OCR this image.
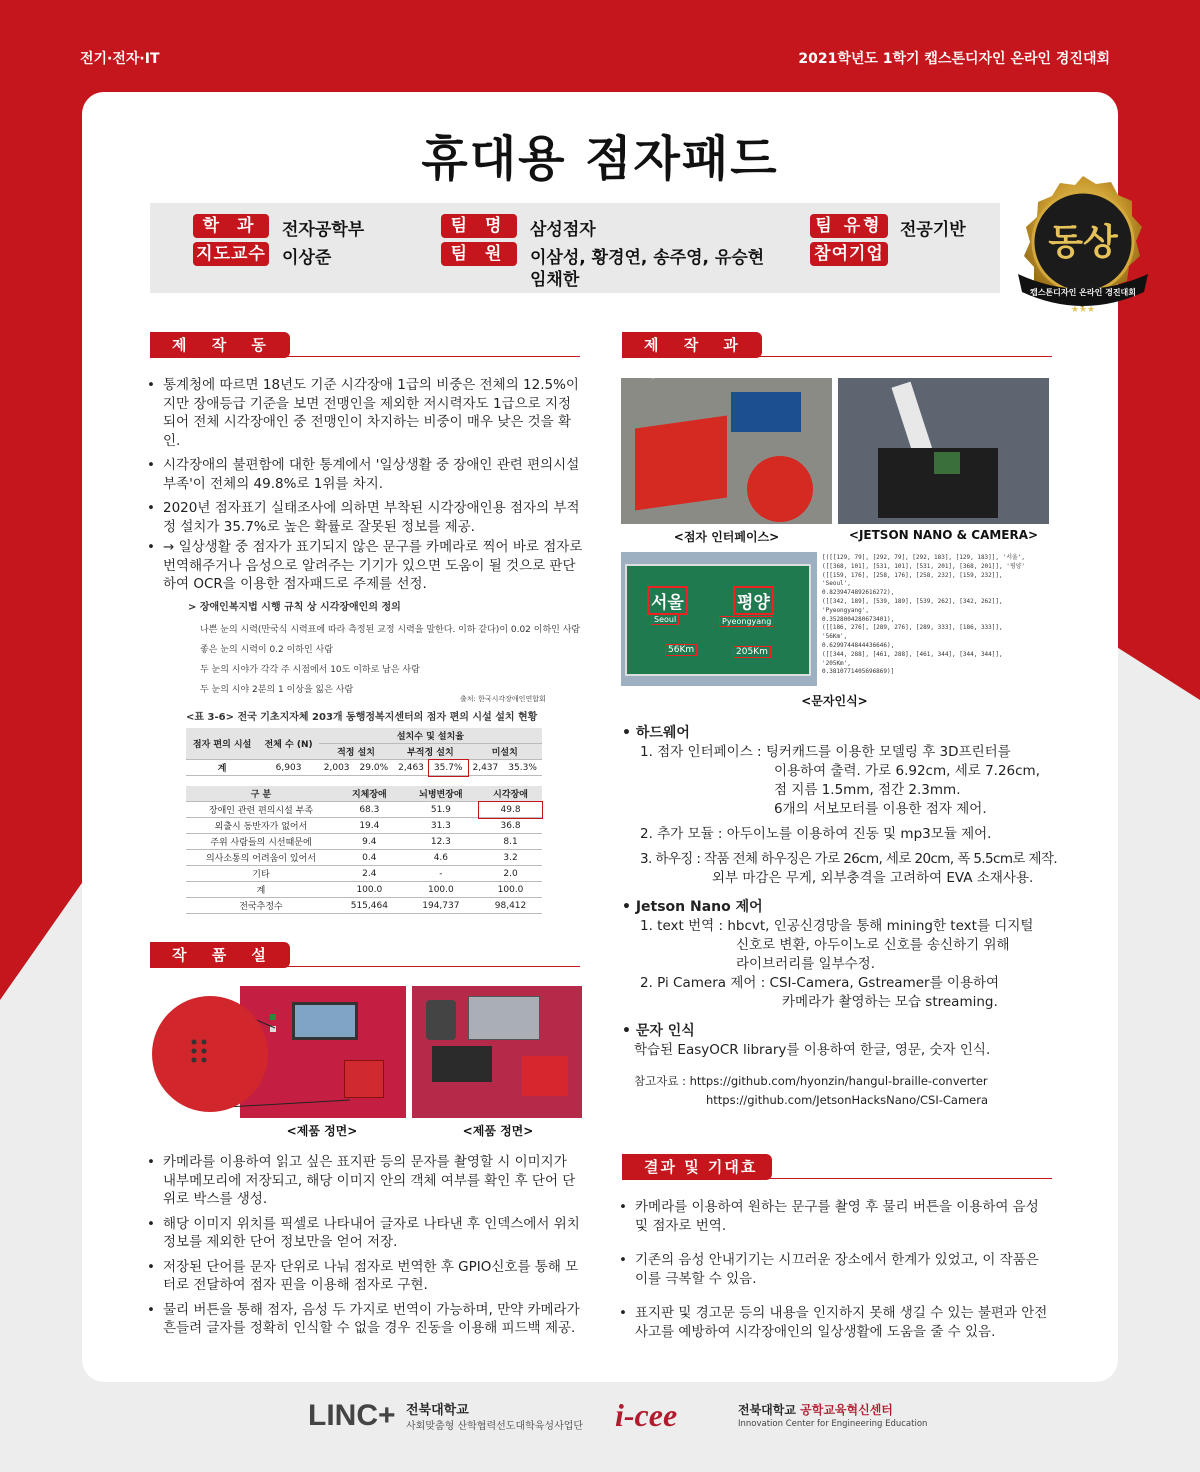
전기·전자·IT	2021학년도 1학기 캡스톤디자인 온라인 경진대회
휴대용 점자패드
학 과	전자공학부
지도교수 이상준
팀 명	삼성점자
팀 원	이삼성, 황경연, 송주영, 유승현
임채한
팀 유형	전공기반
참여기업	동상
캡스톤디자인 온라인 경진대회
★★★
제 작 동 기
• 통계청에 따르면 18년도 기준 시각장애 1급의 비중은 전체의 12.5%이지만 장애등급 기준을 보면 전맹인을 제외한 저시력자도 1급으로 지정되어 전체 시각장애인 중 전맹인이 차지하는 비중이 매우 낮은 것을 확인.
• 시각장애의 불편함에 대한 통계에서 '일상생활 중 장애인 관련 편의시설 부족'이 전체의 49.8%로 1위를 차지.
• 2020년 점자표기 실태조사에 의하면 부착된 시각장애인용 점자의 부적정 설치가 35.7%로 높은 확률로 잘못된 정보를 제공.
• → 일상생활 중 점자가 표기되지 않은 문구를 카메라로 찍어 바로 점자로 번역해주거나 음성으로 알려주는 기기가 있으면 도움이 될 것으로 판단하여 OCR을 이용한 점자패드로 주제를 선정.
> 장애인복지법 시행 규칙 상 시각장애인의 정의
나쁜 눈의 시력(만국식 시력표에 따라 측정된 교정 시력을 말한다. 이하 같다)이 0.02 이하인 사람
좋은 눈의 시력이 0.2 이하인 사람
두 눈의 시야가 각각 주 시점에서 10도 이하로 남은 사람
두 눈의 시야 2분의 1 이상을 잃은 사람
출처: 한국시각장애인연합회
<표 3-6> 전국 기초지자체 203개 동행정복지센터의 점자 편의 시설 설치 현황
점자 편의 시설	전체 수 (N)	설치수 및 설치율					
		적정 설치		부적정 설치		미설치	
계	6,903	2,003	29.0%	2,463	35.7%	2,437	35.3%
구 분	지체장애	뇌병변장애	시각장애
장애인 관련 편의시설 부족	68.3	51.9	49.8
외출시 동반자가 없어서	19.4	31.3	36.8
주위 사람들의 시선때문에	9.4	12.3	8.1
의사소통의 어려움이 있어서	0.4	4.6	3.2
기타	2.4	-	2.0
계	100.0	100.0	100.0
전국추정수	515,464	194,737	98,412
작 품 설 명
<제품 정면>	<제품 정면>
• 카메라를 이용하여 읽고 싶은 표지판 등의 문자를 촬영할 시 이미지가 내부메모리에 저장되고, 해당 이미지 안의 객체 여부를 확인 후 단어 단위로 박스를 생성.
• 해당 이미지 위치를 픽셀로 나타내어 글자로 나타낸 후 인덱스에서 위치정보를 제외한 단어 정보만을 얻어 저장.
• 저장된 단어를 문자 단위로 나눠 점자로 번역한 후 GPIO신호를 통해 모터로 전달하여 점자 핀을 이용해 점자로 구현.
• 물리 버튼을 통해 점자, 음성 두 가지로 번역이 가능하며, 만약 카메라가 흔들려 글자를 정확히 인식할 수 없을 경우 진동을 이용해 피드백 제공.
제 작 과 정
<점자 인터페이스>	<JETSON NANO & CAMERA>
서울	평양
Seoul	Pyeongyang
56Km	205Km
[([[129, 79], [292, 79], [292, 183], [129, 183]], '서울',
([[368, 101], [531, 101], [531, 201], [368, 201]], '평양'
([[159, 176], [258, 176], [258, 232], [159, 232]],
'Seoul',
0.8239474892616272),
([[342, 189], [539, 189], [539, 262], [342, 262]],
'Pyeongyang',
0.3528004280673401),
([[186, 276], [289, 276], [289, 333], [186, 333]],
'56Km',
0.6299744844436646),
([[344, 288], [461, 288], [461, 344], [344, 344]],
'205Km',
0.3810771405696869)]
<문자인식>
• 하드웨어
1. 점자 인터페이스 : 팅커캐드를 이용한 모델링 후 3D프린터를
이용하여 출력. 가로 6.92cm, 세로 7.26cm,
점 지름 1.5mm, 점간 2.3mm.
6개의 서보모터를 이용한 점자 제어.
2. 추가 모듈 : 아두이노를 이용하여 진동 및 mp3모듈 제어.
3. 하우징 : 작품 전체 하우징은 가로 26cm, 세로 20cm, 폭 5.5cm로 제작.
외부 마감은 무게, 외부충격을 고려하여 EVA 소재사용.
• Jetson Nano 제어
1. text 번역 : hbcvt, 인공신경망을 통해 mining한 text를 디지털
신호로 변환, 아두이노로 신호를 송신하기 위해
라이브러리를 일부수정.
2. Pi Camera 제어 : CSI-Camera, Gstreamer를 이용하여
카메라가 촬영하는 모습 streaming.
• 문자 인식
학습된 EasyOCR library를 이용하여 한글, 영문, 숫자 인식.
참고자료 : https://github.com/hyonzin/hangul-braille-converter
https://github.com/JetsonHacksNano/CSI-Camera
결과 및 기대효과
• 카메라를 이용하여 원하는 문구를 촬영 후 물리 버튼을 이용하여 음성 및 점자로 번역.
• 기존의 음성 안내기기는 시끄러운 장소에서 한계가 있었고, 이 작품은 이를 극복할 수 있음.
• 표지판 및 경고문 등의 내용을 인지하지 못해 생길 수 있는 불편과 안전사고를 예방하여 시각장애인의 일상생활에 도움을 줄 수 있음.
LINC+ 전북대학교
사회맞춤형 산학협력선도대학육성사업단 i-cee	전북대학교 공학교육혁신센터
Innovation Center for Engineering Education
